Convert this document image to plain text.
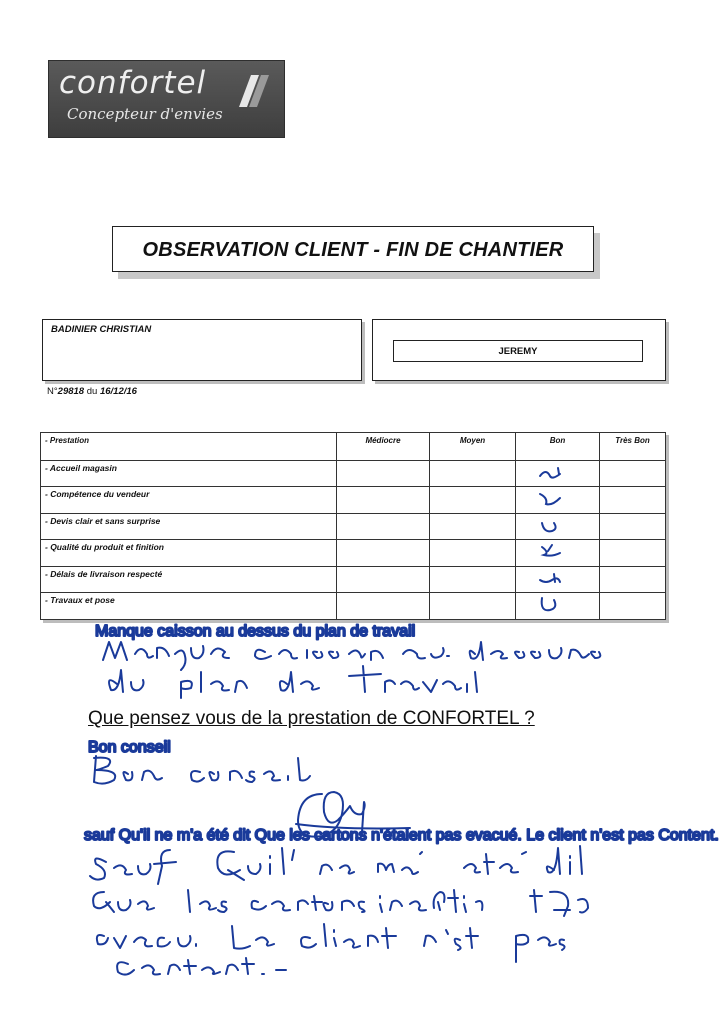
confortel
Concepteur d'envies
OBSERVATION CLIENT - FIN DE CHANTIER
BADINIER CHRISTIAN
JEREMY
N°29818 du 16/12/16
- Prestation	Médiocre	Moyen	Bon	Très Bon
- Accueil magasin			

- Compétence du vendeur			

- Devis clair et sans surprise			

- Qualité du produit et finition			

- Délais de livraison respecté			

- Travaux et pose			

Manque caisson au dessus du plan de travail
Que pensez vous de la prestation de CONFORTEL ?
Bon conseil
sauf Qu'il ne m'a été dit Que les cartons n'étaient pas evacué. Le client n'est pas Content.
